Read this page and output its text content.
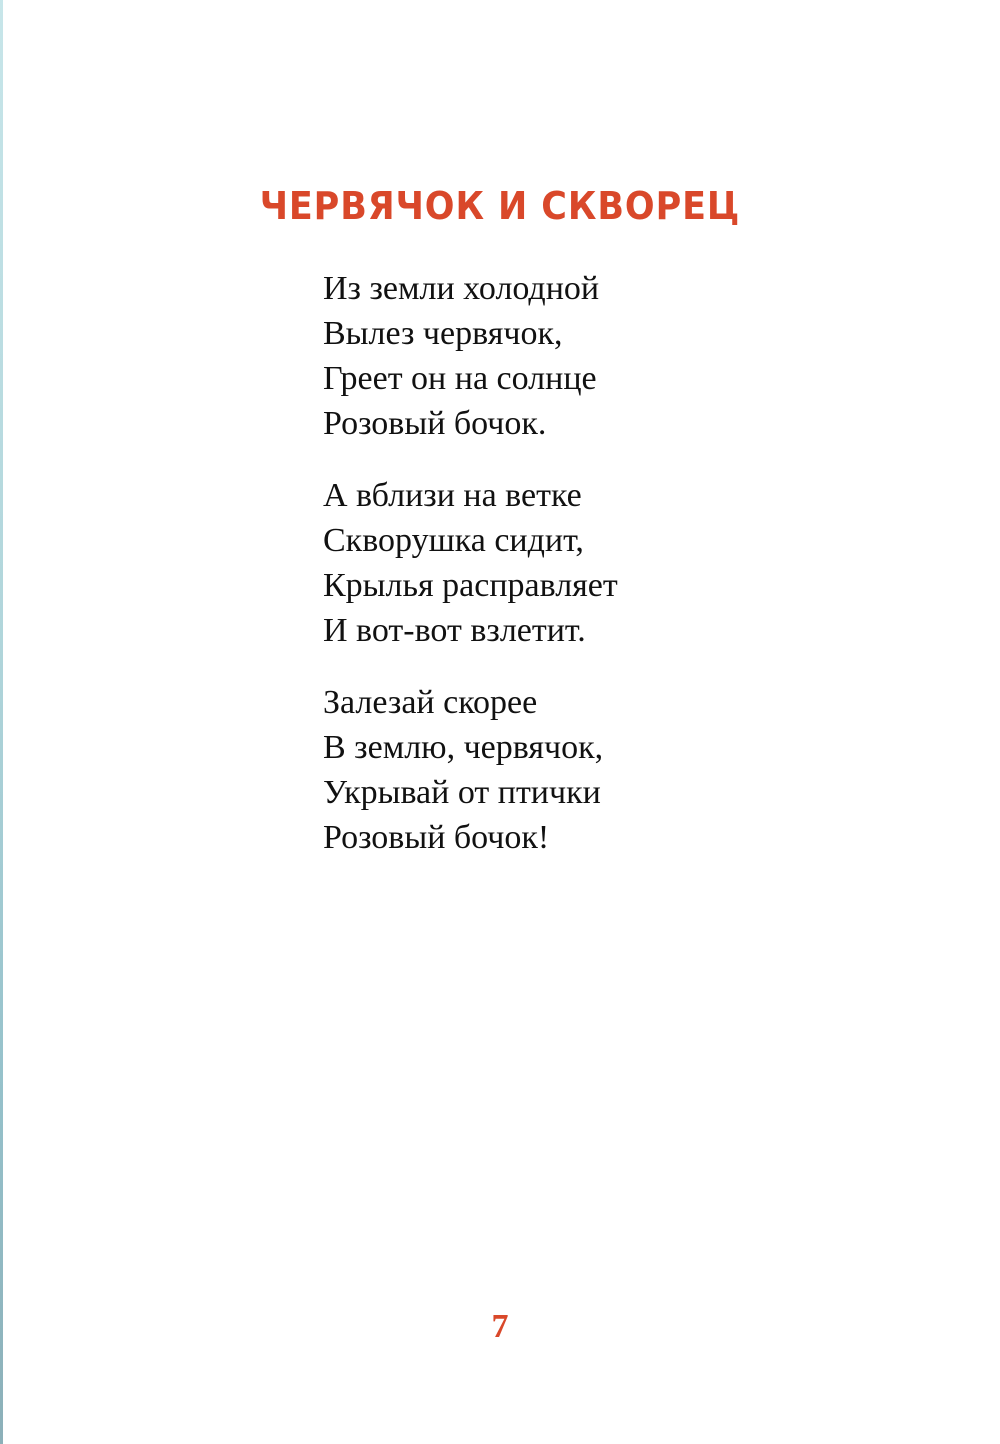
ЧЕРВЯЧОК И СКВОРЕЦ
Из земли холодной
Вылез червячок,
Греет он на солнце
Розовый бочок.
А вблизи на ветке
Скворушка сидит,
Крылья расправляет
И вот-вот взлетит.
Залезай скорее
В землю, червячок,
Укрывай от птички
Розовый бочок!
7
